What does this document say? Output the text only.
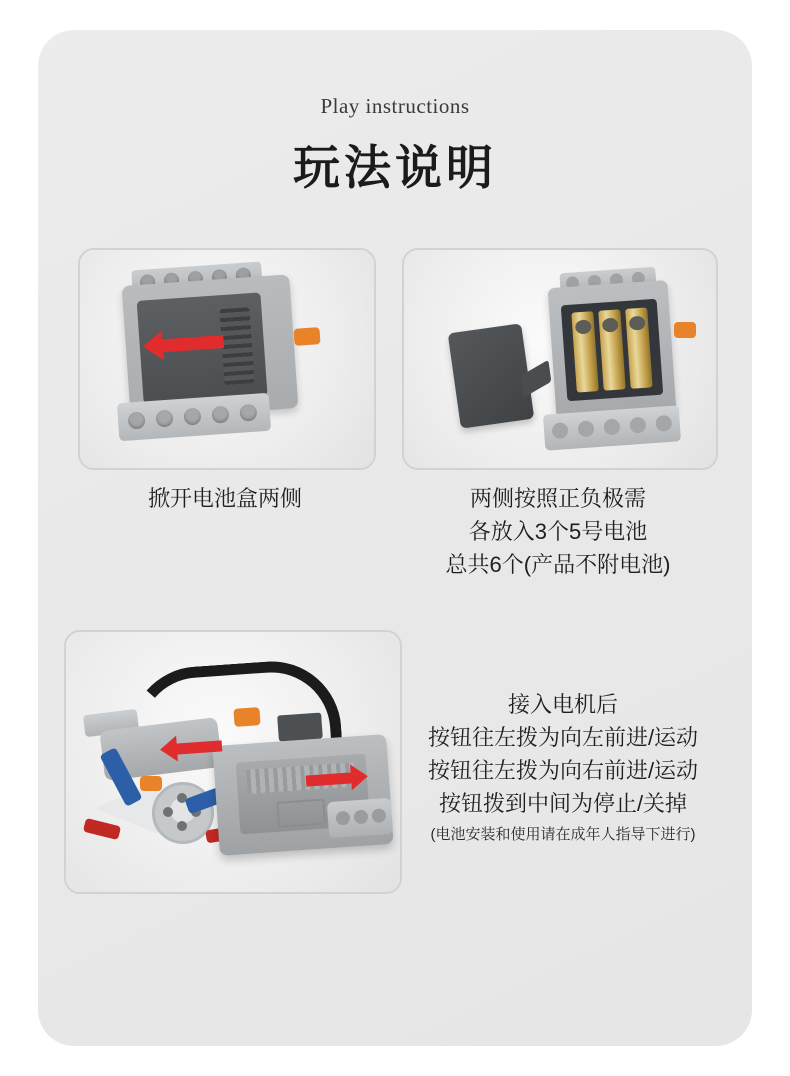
Play instructions
玩法说明
掀开电池盒两侧	两侧按照正负极需
各放入3个5号电池
总共6个(产品不附电池)
接入电机后
按钮往左拨为向左前进/运动
按钮往左拨为向右前进/运动
按钮拨到中间为停止/关掉
(电池安装和使用请在成年人指导下进行)
